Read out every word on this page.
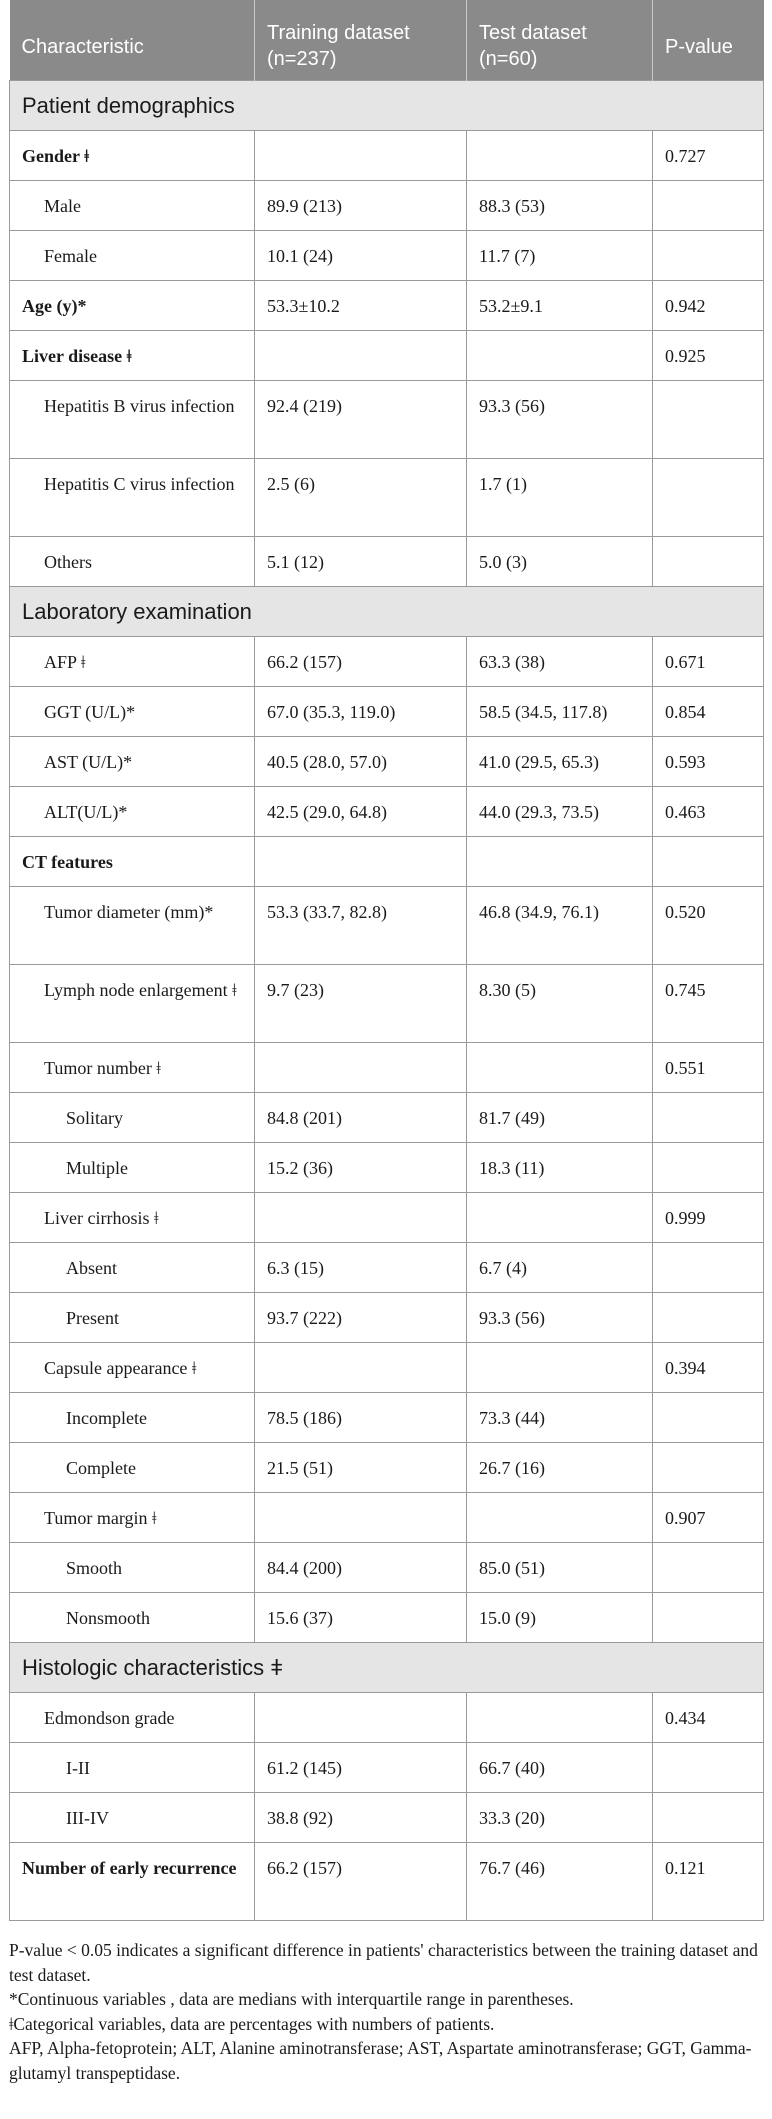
Characteristic	Training dataset (n=237)	Test dataset (n=60)	P-value
Patient demographics			
Gender ǂ			0.727
Male	89.9 (213)	88.3 (53)	
Female	10.1 (24)	11.7 (7)	
Age (y)*	53.3±10.2	53.2±9.1	0.942
Liver disease ǂ			0.925
Hepatitis B virus infection	92.4 (219)	93.3 (56)	
Hepatitis C virus infection	2.5 (6)	1.7 (1)	
Others	5.1 (12)	5.0 (3)	
Laboratory examination			
AFP ǂ	66.2 (157)	63.3 (38)	0.671
GGT (U/L)*	67.0 (35.3, 119.0)	58.5 (34.5, 117.8)	0.854
AST (U/L)*	40.5 (28.0, 57.0)	41.0 (29.5, 65.3)	0.593
ALT(U/L)*	42.5 (29.0, 64.8)	44.0 (29.3, 73.5)	0.463
CT features			
Tumor diameter (mm)*	53.3 (33.7, 82.8)	46.8 (34.9, 76.1)	0.520
Lymph node enlargement ǂ	9.7 (23)	8.30 (5)	0.745
Tumor number ǂ			0.551
Solitary	84.8 (201)	81.7 (49)	
Multiple	15.2 (36)	18.3 (11)	
Liver cirrhosis ǂ			0.999
Absent	6.3 (15)	6.7 (4)	
Present	93.7 (222)	93.3 (56)	
Capsule appearance ǂ			0.394
Incomplete	78.5 (186)	73.3 (44)	
Complete	21.5 (51)	26.7 (16)	
Tumor margin ǂ			0.907
Smooth	84.4 (200)	85.0 (51)	
Nonsmooth	15.6 (37)	15.0 (9)	
Histologic characteristics ǂ			
Edmondson grade			0.434
I-II	61.2 (145)	66.7 (40)	
III-IV	38.8 (92)	33.3 (20)	
Number of early recurrence	66.2 (157)	76.7 (46)	0.121

P-value < 0.05 indicates a significant difference in patients' characteristics between the training dataset and test dataset.

*Continuous variables , data are medians with interquartile range in parentheses.

ǂCategorical variables, data are percentages with numbers of patients.

AFP, Alpha-fetoprotein; ALT, Alanine aminotransferase; AST, Aspartate aminotransferase; GGT, Gamma-glutamyl transpeptidase.
